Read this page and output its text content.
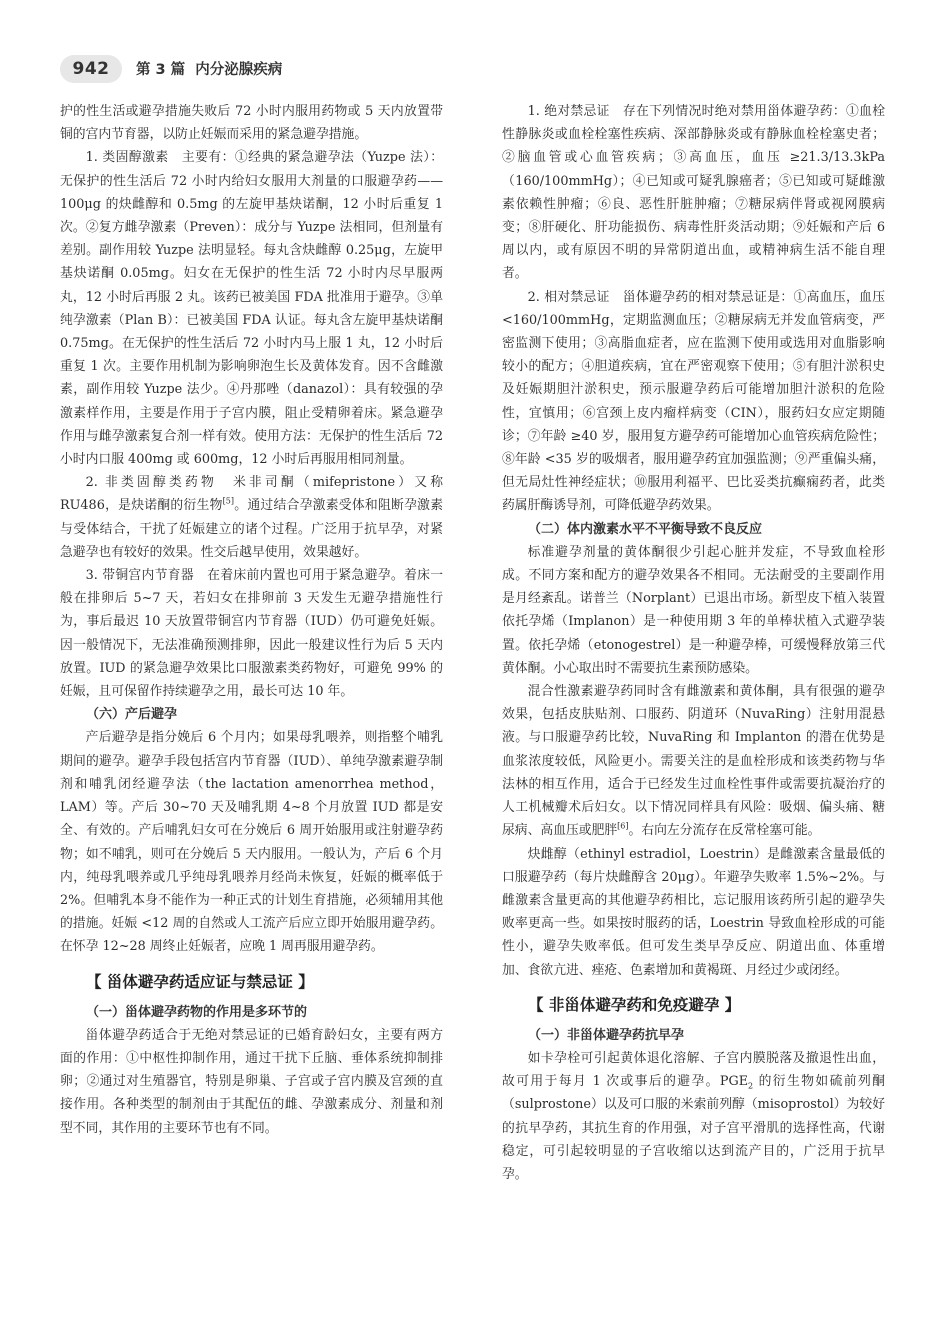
942	第 3 篇 内分泌腺疾病

护的性生活或避孕措施失败后 72 小时内服用药物或 5 天内放置带铜的宫内节育器，以防止妊娠而采用的紧急避孕措施。

1. 类固醇激素　主要有：①经典的紧急避孕法（Yuzpe 法）：无保护的性生活后 72 小时内给妇女服用大剂量的口服避孕药——100μg 的炔雌醇和 0.5mg 的左旋甲基炔诺酮，12 小时后重复 1 次。②复方雌孕激素（Preven）：成分与 Yuzpe 法相同，但剂量有差别。副作用较 Yuzpe 法明显轻。每丸含炔雌醇 0.25μg，左旋甲基炔诺酮 0.05mg。妇女在无保护的性生活 72 小时内尽早服两丸，12 小时后再服 2 丸。该药已被美国 FDA 批准用于避孕。③单纯孕激素（Plan B）：已被美国 FDA 认证。每丸含左旋甲基炔诺酮 0.75mg。在无保护的性生活后 72 小时内马上服 1 丸，12 小时后重复 1 次。主要作用机制为影响卵泡生长及黄体发育。因不含雌激素，副作用较 Yuzpe 法少。④丹那唑（danazol）：具有较强的孕激素样作用，主要是作用于子宫内膜，阻止受精卵着床。紧急避孕作用与雌孕激素复合剂一样有效。使用方法：无保护的性生活后 72 小时内口服 400mg 或 600mg，12 小时后再服用相同剂量。

2. 非类固醇类药物　米非司酮（mifepristone）又称 RU486，是炔诺酮的衍生物[5]。通过结合孕激素受体和阻断孕激素与受体结合，干扰了妊娠建立的诸个过程。广泛用于抗早孕，对紧急避孕也有较好的效果。性交后越早使用，效果越好。

3. 带铜宫内节育器　在着床前内置也可用于紧急避孕。着床一般在排卵后 5~7 天，若妇女在排卵前 3 天发生无避孕措施性行为，事后最迟 10 天放置带铜宫内节育器（IUD）仍可避免妊娠。因一般情况下，无法准确预测排卵，因此一般建议性行为后 5 天内放置。IUD 的紧急避孕效果比口服激素类药物好，可避免 99% 的妊娠，且可保留作持续避孕之用，最长可达 10 年。

（六）产后避孕

产后避孕是指分娩后 6 个月内；如果母乳喂养，则指整个哺乳期间的避孕。避孕手段包括宫内节育器（IUD）、单纯孕激素避孕制剂和哺乳闭经避孕法（the lactation amenorrhea method，LAM）等。产后 30~70 天及哺乳期 4~8 个月放置 IUD 都是安全、有效的。产后哺乳妇女可在分娩后 6 周开始服用或注射避孕药物；如不哺乳，则可在分娩后 5 天内服用。一般认为，产后 6 个月内，纯母乳喂养或几乎纯母乳喂养月经尚未恢复，妊娠的概率低于 2%。但哺乳本身不能作为一种正式的计划生育措施，必须辅用其他的措施。妊娠 <12 周的自然或人工流产后应立即开始服用避孕药。在怀孕 12~28 周终止妊娠者，应晚 1 周再服用避孕药。

【 甾体避孕药适应证与禁忌证 】
（一）甾体避孕药物的作用是多环节的

甾体避孕药适合于无绝对禁忌证的已婚育龄妇女，主要有两方面的作用：①中枢性抑制作用，通过干扰下丘脑、垂体系统抑制排卵；②通过对生殖器官，特别是卵巢、子宫或子宫内膜及宫颈的直接作用。各种类型的制剂由于其配伍的雌、孕激素成分、剂量和剂型不同，其作用的主要环节也有不同。

1. 绝对禁忌证　存在下列情况时绝对禁用甾体避孕药：①血栓性静脉炎或血栓栓塞性疾病、深部静脉炎或有静脉血栓栓塞史者；②脑血管或心血管疾病；③高血压，血压 ≥21.3/13.3kPa（160/100mmHg）；④已知或可疑乳腺癌者；⑤已知或可疑雌激素依赖性肿瘤；⑥良、恶性肝脏肿瘤；⑦糖尿病伴肾或视网膜病变；⑧肝硬化、肝功能损伤、病毒性肝炎活动期；⑨妊娠和产后 6 周以内，或有原因不明的异常阴道出血，或精神病生活不能自理者。

2. 相对禁忌证　甾体避孕药的相对禁忌证是：①高血压，血压 <160/100mmHg，定期监测血压；②糖尿病无并发血管病变，严密监测下使用；③高脂血症者，应在监测下使用或选用对血脂影响较小的配方；④胆道疾病，宜在严密观察下使用；⑤有胆汁淤积史及妊娠期胆汁淤积史，预示服避孕药后可能增加胆汁淤积的危险性，宜慎用；⑥宫颈上皮内瘤样病变（CIN），服药妇女应定期随诊；⑦年龄 ≥40 岁，服用复方避孕药可能增加心血管疾病危险性；⑧年龄 <35 岁的吸烟者，服用避孕药宜加强监测；⑨严重偏头痛，但无局灶性神经症状；⑩服用利福平、巴比妥类抗癫痫药者，此类药属肝酶诱导剂，可降低避孕药效果。

（二）体内激素水平不平衡导致不良反应

标准避孕剂量的黄体酮很少引起心脏并发症，不导致血栓形成。不同方案和配方的避孕效果各不相同。无法耐受的主要副作用是月经紊乱。诺普兰（Norplant）已退出市场。新型皮下植入装置依托孕烯（Implanon）是一种使用期 3 年的单棒状植入式避孕装置。依托孕烯（etonogestrel）是一种避孕棒，可缓慢释放第三代黄体酮。小心取出时不需要抗生素预防感染。

混合性激素避孕药同时含有雌激素和黄体酮，具有很强的避孕效果，包括皮肤贴剂、口服药、阴道环（NuvaRing）注射用混悬液。与口服避孕药比较，NuvaRing 和 Implanton 的潜在优势是血浆浓度较低，风险更小。需要关注的是血栓形成和该类药物与华法林的相互作用，适合于已经发生过血栓性事件或需要抗凝治疗的人工机械瓣术后妇女。以下情况同样具有风险：吸烟、偏头痛、糖尿病、高血压或肥胖[6]。右向左分流存在反常栓塞可能。

炔雌醇（ethinyl estradiol，Loestrin）是雌激素含量最低的口服避孕药（每片炔雌醇含 20μg）。年避孕失败率 1.5%~2%。与雌激素含量更高的其他避孕药相比，忘记服用该药所引起的避孕失败率更高一些。如果按时服药的话，Loestrin 导致血栓形成的可能性小，避孕失败率低。但可发生类早孕反应、阴道出血、体重增加、食欲亢进、痤疮、色素增加和黄褐斑、月经过少或闭经。

【 非甾体避孕药和免疫避孕 】
（一）非甾体避孕药抗早孕

如卡孕栓可引起黄体退化溶解、子宫内膜脱落及撤退性出血，故可用于每月 1 次或事后的避孕。$PGE_2$ 的衍生物如硫前列酮（sulprostone）以及可口服的米索前列醇（misoprostol）为较好的抗早孕药，其抗生育的作用强，对子宫平滑肌的选择性高，代谢稳定，可引起较明显的子宫收缩以达到流产目的，广泛用于抗早孕。
